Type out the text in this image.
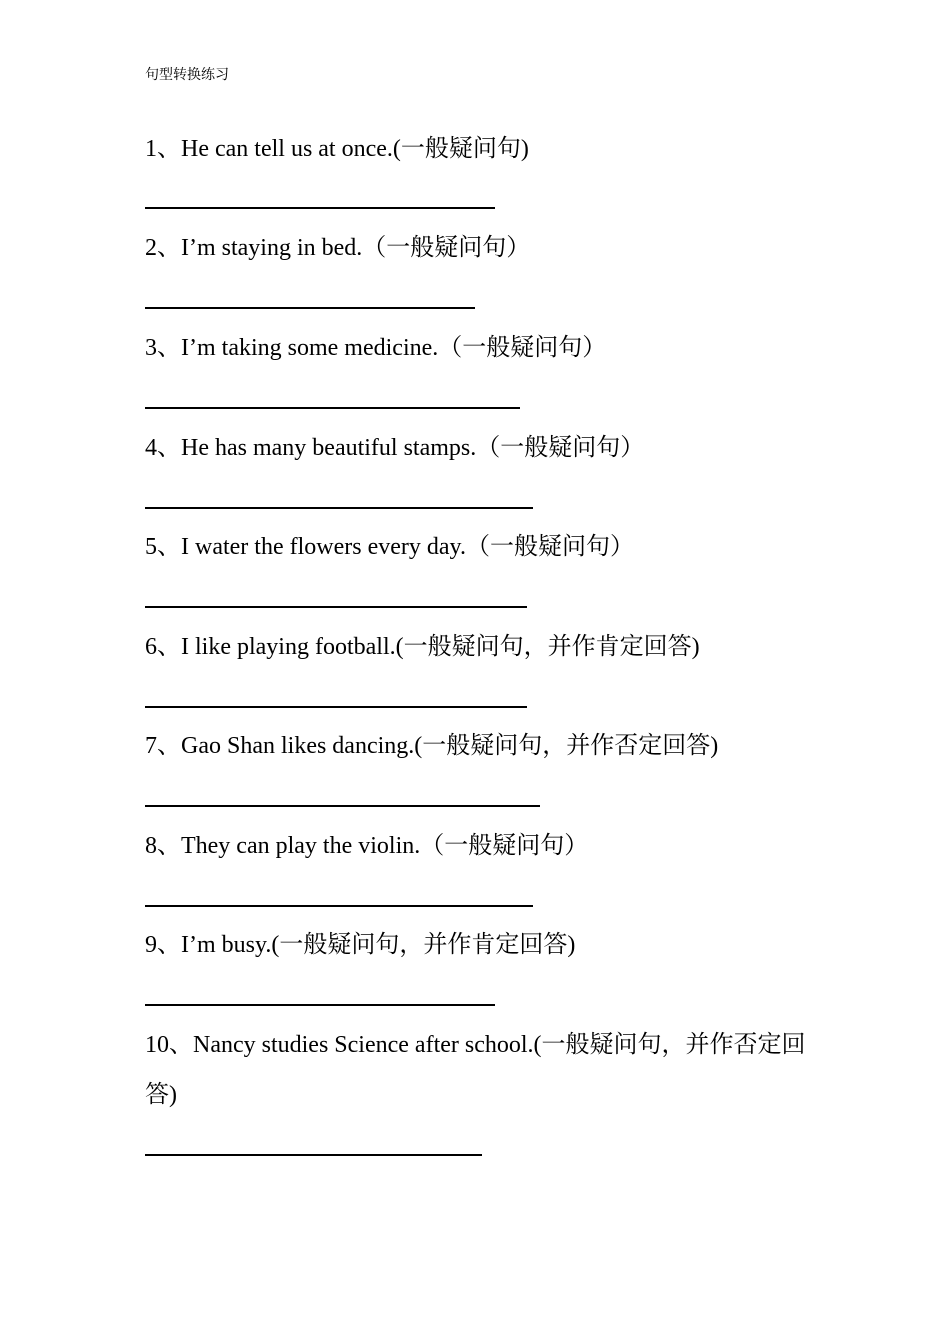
句型转换练习
1、He can tell us at once.(一般疑问句)
2、I’m staying in bed.（一般疑问句）
3、I’m taking some medicine.（一般疑问句）
4、He has many beautiful stamps.（一般疑问句）
5、I water the flowers every day.（一般疑问句）
6、I like playing football.(一般疑问句，并作肯定回答)
7、Gao Shan likes dancing.(一般疑问句，并作否定回答)
8、They can play the violin.（一般疑问句）
9、I’m busy.(一般疑问句，并作肯定回答)
10、Nancy studies Science after school.(一般疑问句，并作否定回答)
